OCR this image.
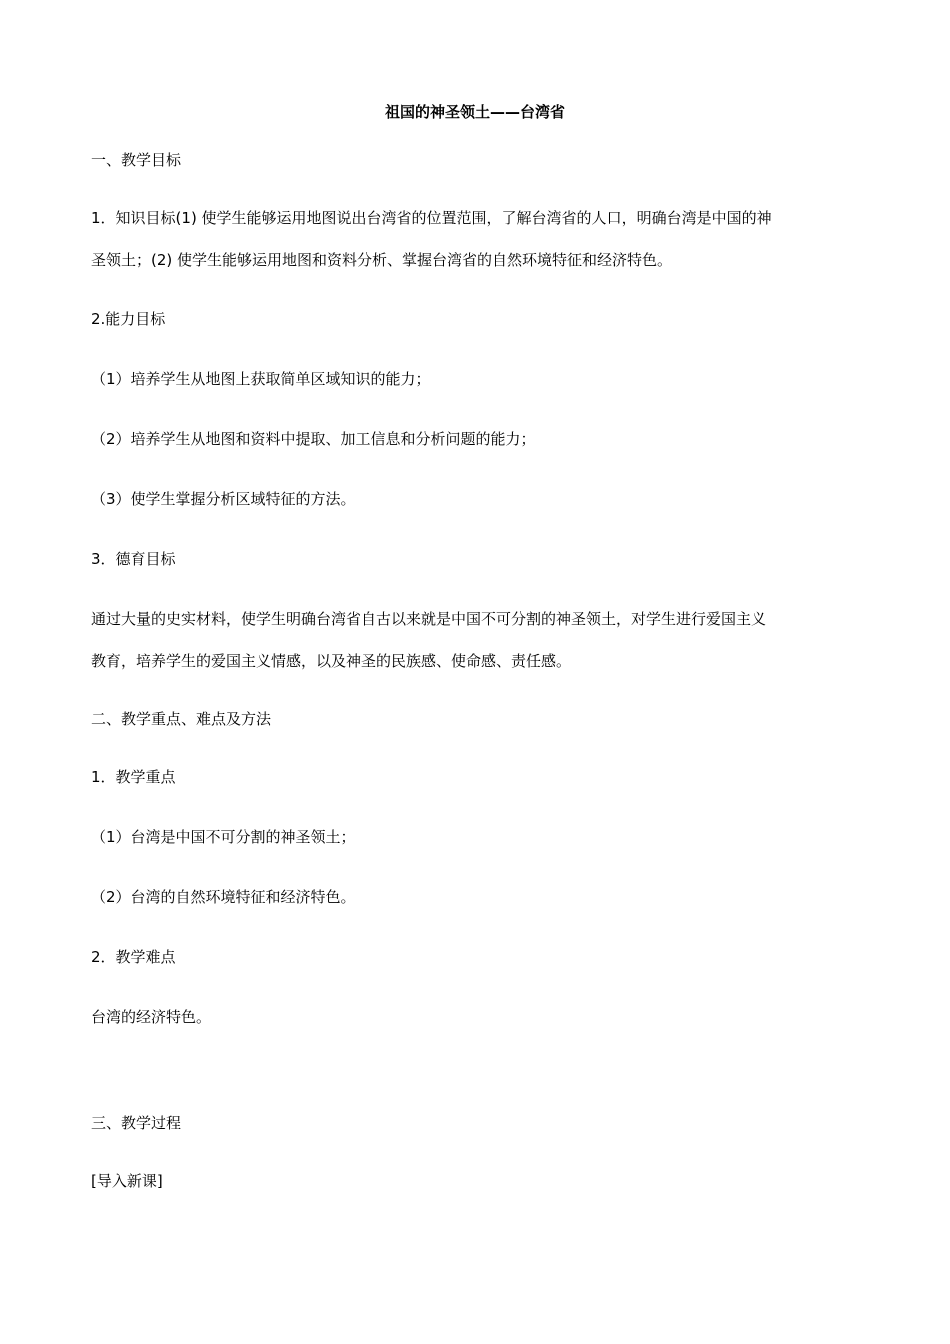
祖国的神圣领土——台湾省
一、教学目标
1．知识目标(1) 使学生能够运用地图说出台湾省的位置范围，了解台湾省的人口，明确台湾是中国的神
圣领土；(2) 使学生能够运用地图和资料分析、掌握台湾省的自然环境特征和经济特色。
2.能力目标
（1）培养学生从地图上获取简单区域知识的能力；
（2）培养学生从地图和资料中提取、加工信息和分析问题的能力；
（3）使学生掌握分析区域特征的方法。
3．德育目标
通过大量的史实材料，使学生明确台湾省自古以来就是中国不可分割的神圣领土，对学生进行爱国主义
教育，培养学生的爱国主义情感，以及神圣的民族感、使命感、责任感。
二、教学重点、难点及方法
1．教学重点
（1）台湾是中国不可分割的神圣领土；
（2）台湾的自然环境特征和经济特色。
2．教学难点
台湾的经济特色。
三、教学过程
[导入新课]
